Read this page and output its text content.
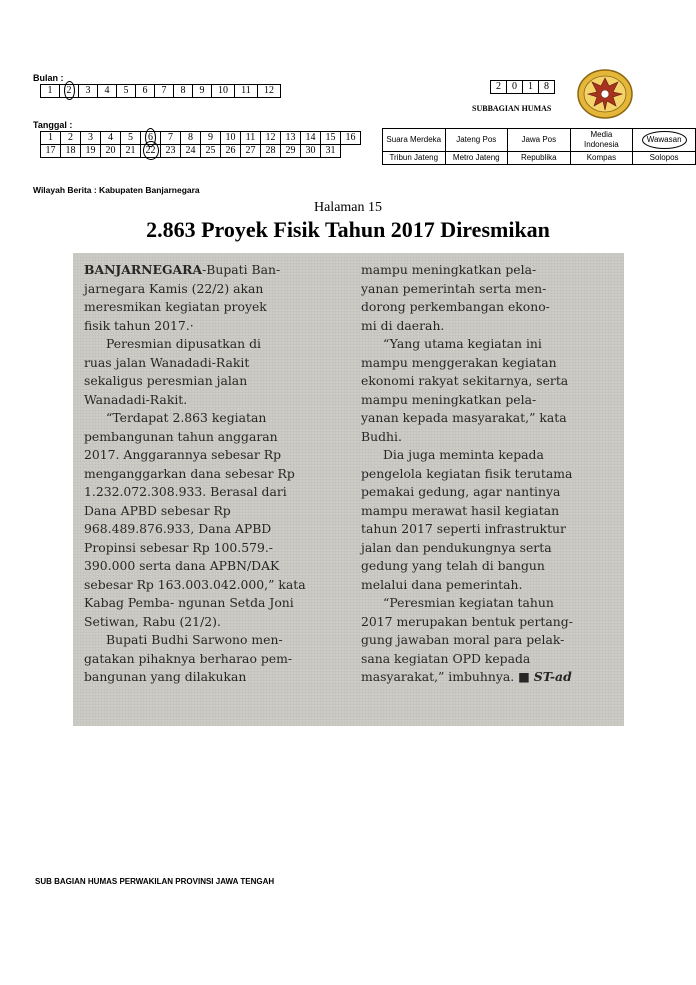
Bulan :
1	2	3	4	5	6	7	8	9	10	11	12
Tanggal :
1	2	3	4	5	6	7	8	9	10	11	12	13	14	15	16
17	18	19	20	21	22	23	24	25	26	27	28	29	30	31	
2	0	1	8
SUBBAGIAN HUMAS
Suara Merdeka	Jateng Pos	Jawa Pos	Media Indonesia	Wawasan
Tribun Jateng	Metro Jateng	Republika	Kompas	Solopos
Wilayah Berita : Kabupaten Banjarnegara
Halaman 15
2.863 Proyek Fisik Tahun 2017 Diresmikan
BANJARNEGARA-Bupati Ban-
jarnegara Kamis (22/2) akan
meresmikan kegiatan proyek
fisik tahun 2017.·
Peresmian dipusatkan di
ruas jalan Wanadadi-Rakit
sekaligus peresmian jalan
Wanadadi-Rakit.
“Terdapat 2.863 kegiatan
pembangunan tahun anggaran
2017. Anggarannya sebesar Rp
menganggarkan dana sebesar Rp
1.232.072.308.933. Berasal dari
Dana APBD sebesar Rp
968.489.876.933, Dana APBD
Propinsi sebesar Rp 100.579.-
390.000 serta dana APBN/DAK
sebesar Rp 163.003.042.000,” kata
Kabag Pemba- ngunan Setda Joni
Setiwan, Rabu (21/2).
Bupati Budhi Sarwono men-
gatakan pihaknya berharao pem-
bangunan yang dilakukan
mampu meningkatkan pela-
yanan pemerintah serta men-
dorong perkembangan ekono-
mi di daerah.
“Yang utama kegiatan ini
mampu menggerakan kegiatan
ekonomi rakyat sekitarnya, serta
mampu meningkatkan pela-
yanan kepada masyarakat,” kata
Budhi.
Dia juga meminta kepada
pengelola kegiatan fisik terutama
pemakai gedung, agar nantinya
mampu merawat hasil kegiatan
tahun 2017 seperti infrastruktur
jalan dan pendukungnya serta
gedung yang telah di bangun
melalui dana pemerintah.
“Peresmian kegiatan tahun
2017 merupakan bentuk pertang-
gung jawaban moral para pelak-
sana kegiatan OPD kepada
masyarakat,” imbuhnya. ■ ST-ad
SUB BAGIAN HUMAS PERWAKILAN PROVINSI JAWA TENGAH
